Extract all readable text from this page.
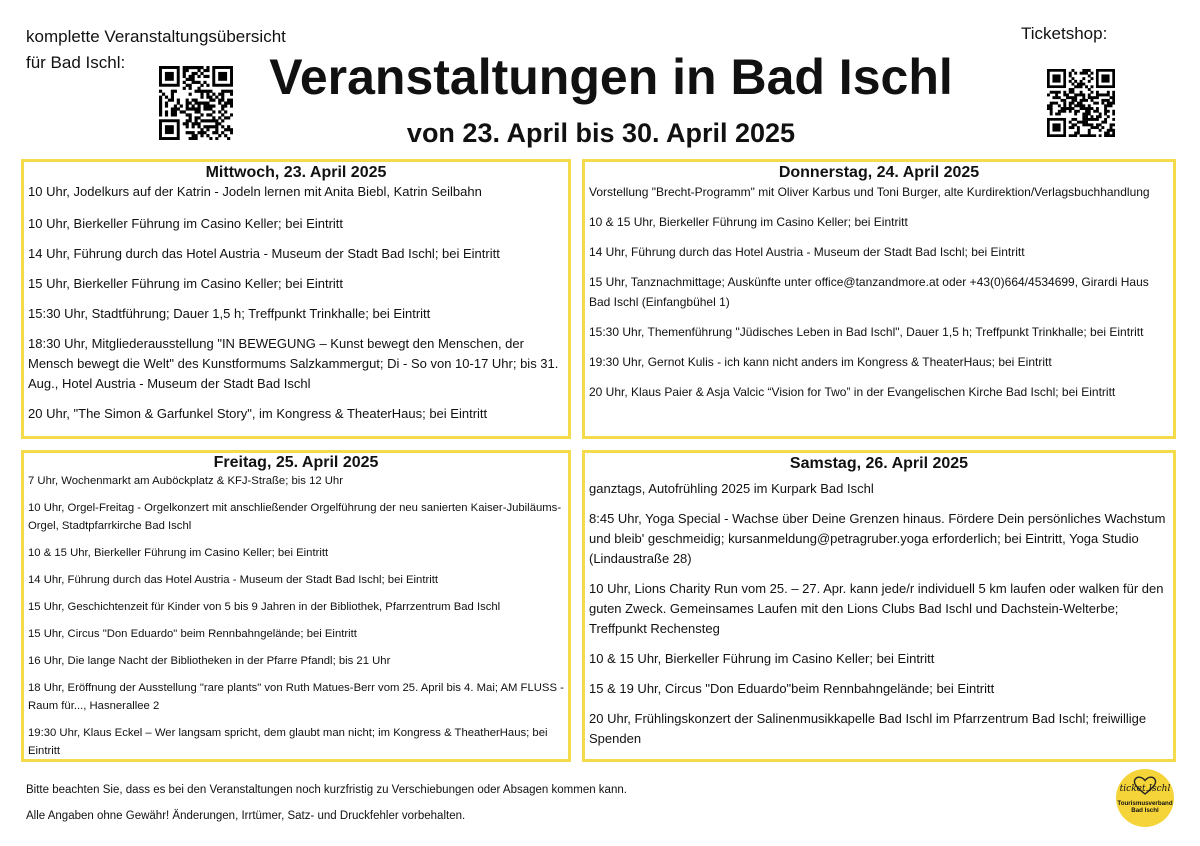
komplette Veranstaltungsübersicht
für Bad Ischl:	Veranstaltungen in Bad Ischl
von 23. April bis 30. April 2025
Ticketshop:
Mittwoch, 23. April 2025
10 Uhr, Jodelkurs auf der Katrin - Jodeln lernen mit Anita Biebl, Katrin Seilbahn
10 Uhr, Bierkeller Führung im Casino Keller; bei Eintritt
14 Uhr, Führung durch das Hotel Austria - Museum der Stadt Bad Ischl; bei Eintritt
15 Uhr, Bierkeller Führung im Casino Keller; bei Eintritt
15:30 Uhr, Stadtführung; Dauer 1,5 h; Treffpunkt Trinkhalle; bei Eintritt
18:30 Uhr, Mitgliederausstellung "IN BEWEGUNG – Kunst bewegt den Menschen, der Mensch bewegt die Welt" des Kunstformums Salzkammergut; Di - So von 10-17 Uhr; bis 31. Aug., Hotel Austria - Museum der Stadt Bad Ischl
20 Uhr, "The Simon & Garfunkel Story", im Kongress & TheaterHaus; bei Eintritt
Donnerstag, 24. April 2025
Vorstellung "Brecht-Programm" mit Oliver Karbus und Toni Burger, alte Kurdirektion/Verlagsbuchhandlung
10 & 15 Uhr, Bierkeller Führung im Casino Keller; bei Eintritt
14 Uhr, Führung durch das Hotel Austria - Museum der Stadt Bad Ischl; bei Eintritt
15 Uhr, Tanznachmittage; Auskünfte unter office@tanzandmore.at oder +43(0)664/4534699, Girardi Haus Bad Ischl (Einfangbühel 1)
15:30 Uhr, Themenführung "Jüdisches Leben in Bad Ischl", Dauer 1,5 h; Treffpunkt Trinkhalle; bei Eintritt
19:30 Uhr, Gernot Kulis - ich kann nicht anders im Kongress & TheaterHaus; bei Eintritt
20 Uhr, Klaus Paier & Asja Valcic “Vision for Two” in der Evangelischen Kirche Bad Ischl; bei Eintritt
Freitag, 25. April 2025
7 Uhr, Wochenmarkt am Auböckplatz & KFJ-Straße; bis 12 Uhr
10 Uhr, Orgel-Freitag - Orgelkonzert mit anschließender Orgelführung der neu sanierten Kaiser-Jubiläums-Orgel, Stadtpfarrkirche Bad Ischl
10 & 15 Uhr, Bierkeller Führung im Casino Keller; bei Eintritt
14 Uhr, Führung durch das Hotel Austria - Museum der Stadt Bad Ischl; bei Eintritt
15 Uhr, Geschichtenzeit für Kinder von 5 bis 9 Jahren in der Bibliothek, Pfarrzentrum Bad Ischl
15 Uhr, Circus "Don Eduardo" beim Rennbahngelände; bei Eintritt
16 Uhr, Die lange Nacht der Bibliotheken in der Pfarre Pfandl; bis 21 Uhr
18 Uhr, Eröffnung der Ausstellung "rare plants" von Ruth Matues-Berr vom 25. April bis 4. Mai; AM FLUSS - Raum für..., Hasnerallee 2
19:30 Uhr, Klaus Eckel – Wer langsam spricht, dem glaubt man nicht; im Kongress & TheatherHaus; bei Eintritt
Samstag, 26. April 2025
ganztags, Autofrühling 2025 im Kurpark Bad Ischl
8:45 Uhr, Yoga Special - Wachse über Deine Grenzen hinaus. Fördere Dein persönliches Wachstum und bleib' geschmeidig; kursanmeldung@petragruber.yoga erforderlich; bei Eintritt, Yoga Studio (Lindaustraße 28)
10 Uhr, Lions Charity Run vom 25. – 27. Apr. kann jede/r individuell 5 km laufen oder walken für den guten Zweck. Gemeinsames Laufen mit den Lions Clubs Bad Ischl und Dachstein-Welterbe; Treffpunkt Rechensteg
10 & 15 Uhr, Bierkeller Führung im Casino Keller; bei Eintritt
15 & 19 Uhr, Circus "Don Eduardo"beim Rennbahngelände; bei Eintritt
20 Uhr, Frühlingskonzert der Salinenmusikkapelle Bad Ischl im Pfarrzentrum Bad Ischl; freiwillige Spenden
Bitte beachten Sie, dass es bei den Veranstaltungen noch kurzfristig zu Verschiebungen oder Absagen kommen kann.
Alle Angaben ohne Gewähr! Änderungen, Irrtümer, Satz- und Druckfehler vorbehalten.
ticket.Ischl
Tourismusverband
Bad Ischl
